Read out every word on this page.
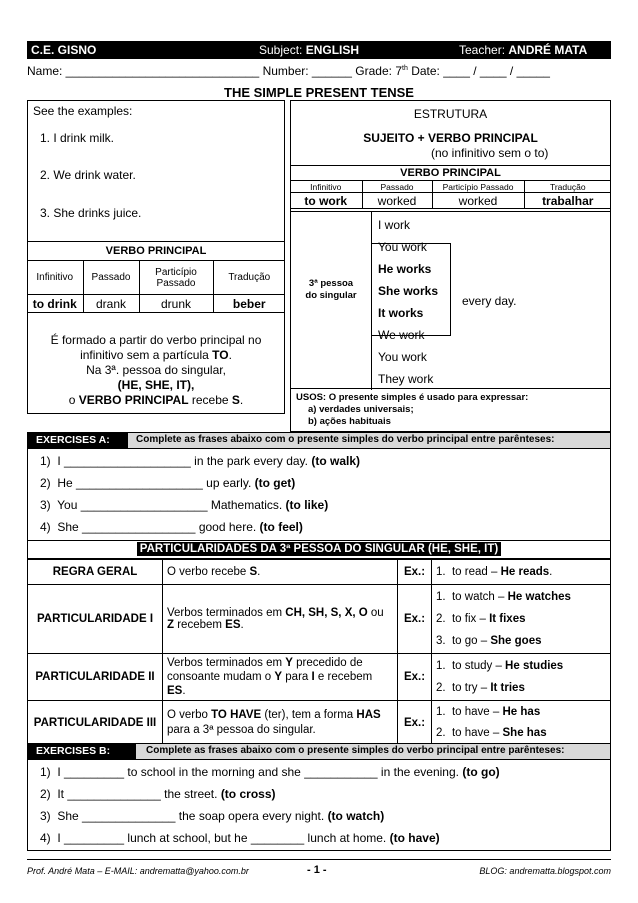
C.E. GISNO	Subject: ENGLISH	Teacher: ANDRÉ MATA
Name: _____________________________ Number: ______ Grade: 7th Date: ____ / ____ / _____
THE SIMPLE PRESENT TENSE
See the examples:
1. I drink milk.
2. We drink water.
3. She drinks juice.
VERBO PRINCIPAL			
Infinitivo	Passado	Particípio Passado	Tradução
to drink	drank	drunk	beber
É formado a partir do verbo principal no
infinitivo sem a partícula TO.
Na 3ª. pessoa do singular,
(HE, SHE, IT),
o VERBO PRINCIPAL recebe S.
ESTRUTURA
SUJEITO + VERBO PRINCIPAL
(no infinitivo sem o to)
VERBO PRINCIPAL			
Infinitivo	Passado	Particípio Passado	Tradução
to work	worked	worked	trabalhar
3ª pessoa
do singular
I work
You work
He works
She works
It works
We work
You work
They work
every day.
USOS: O presente simples é usado para expressar:
a) verdades universais;
b) ações habituais
EXERCISES A:	Complete as frases abaixo com o presente simples do verbo principal entre parênteses:
1) I ___________________ in the park every day. (to walk)
2) He ___________________ up early. (to get)
3) You ___________________ Mathematics. (to like)
4) She _________________ good here. (to feel)
PARTICULARIDADES DA 3ª PESSOA DO SINGULAR (HE, SHE, IT)
REGRA GERAL	O verbo recebe S.	Ex.:	1.  to read – He reads.
PARTICULARIDADE I	Verbos terminados em CH, SH, S, X, O ou Z recebem ES.	Ex.:	1.  to watch – He watches
2.  to fix – It fixes
3.  to go – She goes

PARTICULARIDADE II	Verbos terminados em Y precedido de consoante mudam o Y para I e recebem ES.	Ex.:	1.  to study – He studies
2.  to try – It tries

PARTICULARIDADE III	O verbo TO HAVE (ter), tem a forma HAS para a 3ª pessoa do singular.	Ex.:	1.  to have – He has
2.  to have – She has
EXERCISES B:	Complete as frases abaixo com o presente simples do verbo principal entre parênteses:
1) I _________ to school in the morning and she ___________ in the evening. (to go)
2) It ______________ the street. (to cross)
3) She ______________ the soap opera every night. (to watch)
4) I _________ lunch at school, but he ________ lunch at home. (to have)
Prof. André Mata – E-MAIL: andrematta@yahoo.com.br	- 1 -	BLOG: andrematta.blogspot.com
